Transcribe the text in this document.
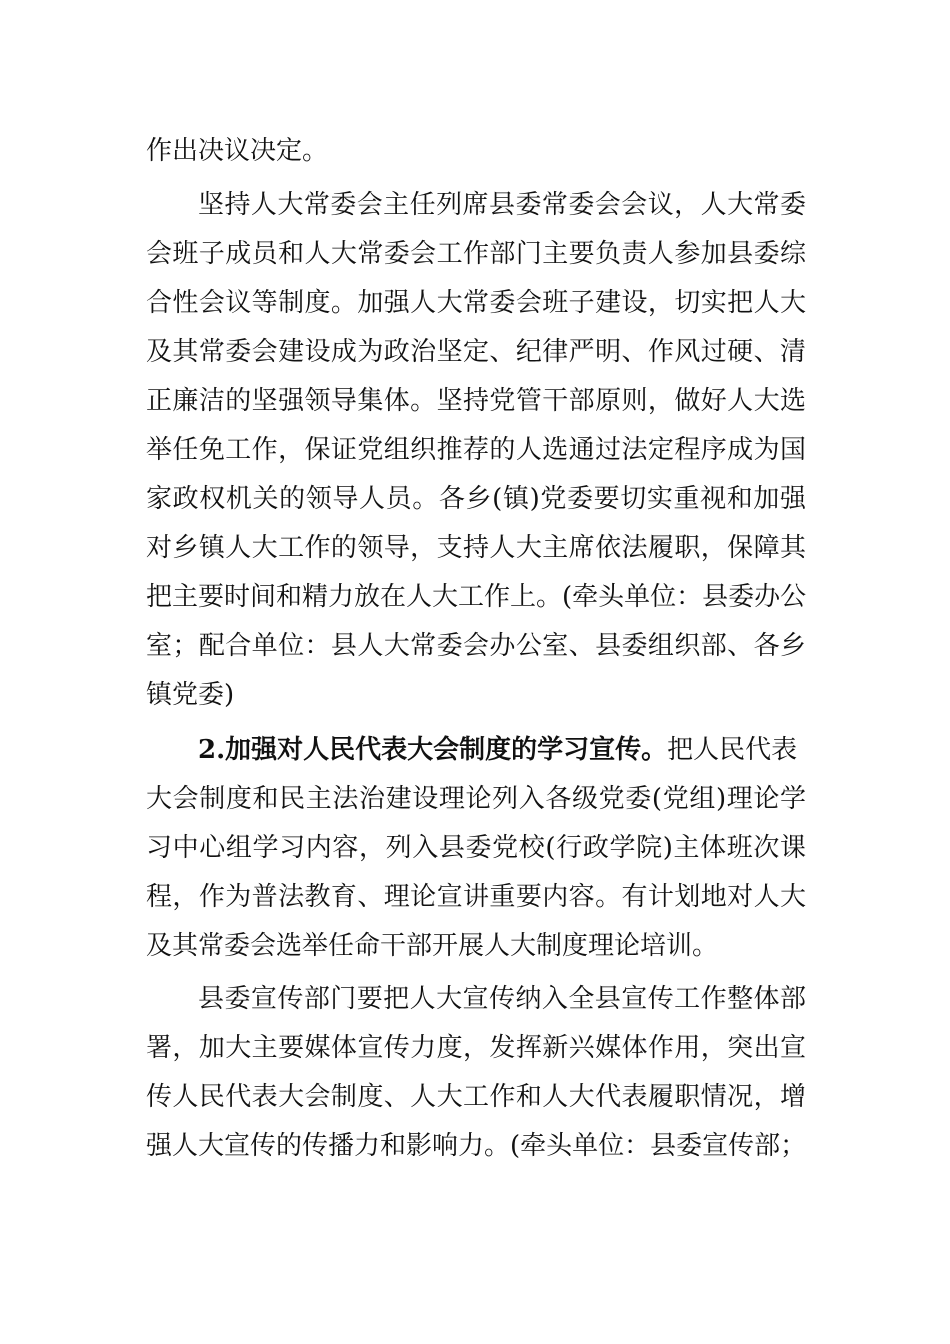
作出决议决定。
坚持人大常委会主任列席县委常委会会议，人大常委
会班子成员和人大常委会工作部门主要负责人参加县委综
合性会议等制度。加强人大常委会班子建设，切实把人大
及其常委会建设成为政治坚定、纪律严明、作风过硬、清
正廉洁的坚强领导集体。坚持党管干部原则，做好人大选
举任免工作，保证党组织推荐的人选通过法定程序成为国
家政权机关的领导人员。各乡(镇)党委要切实重视和加强
对乡镇人大工作的领导，支持人大主席依法履职，保障其
把主要时间和精力放在人大工作上。(牵头单位：县委办公
室；配合单位：县人大常委会办公室、县委组织部、各乡
镇党委)
2.加强对人民代表大会制度的学习宣传。把人民代表
大会制度和民主法治建设理论列入各级党委(党组)理论学
习中心组学习内容，列入县委党校(行政学院)主体班次课
程，作为普法教育、理论宣讲重要内容。有计划地对人大
及其常委会选举任命干部开展人大制度理论培训。
县委宣传部门要把人大宣传纳入全县宣传工作整体部
署，加大主要媒体宣传力度，发挥新兴媒体作用，突出宣
传人民代表大会制度、人大工作和人大代表履职情况，增
强人大宣传的传播力和影响力。(牵头单位：县委宣传部；
